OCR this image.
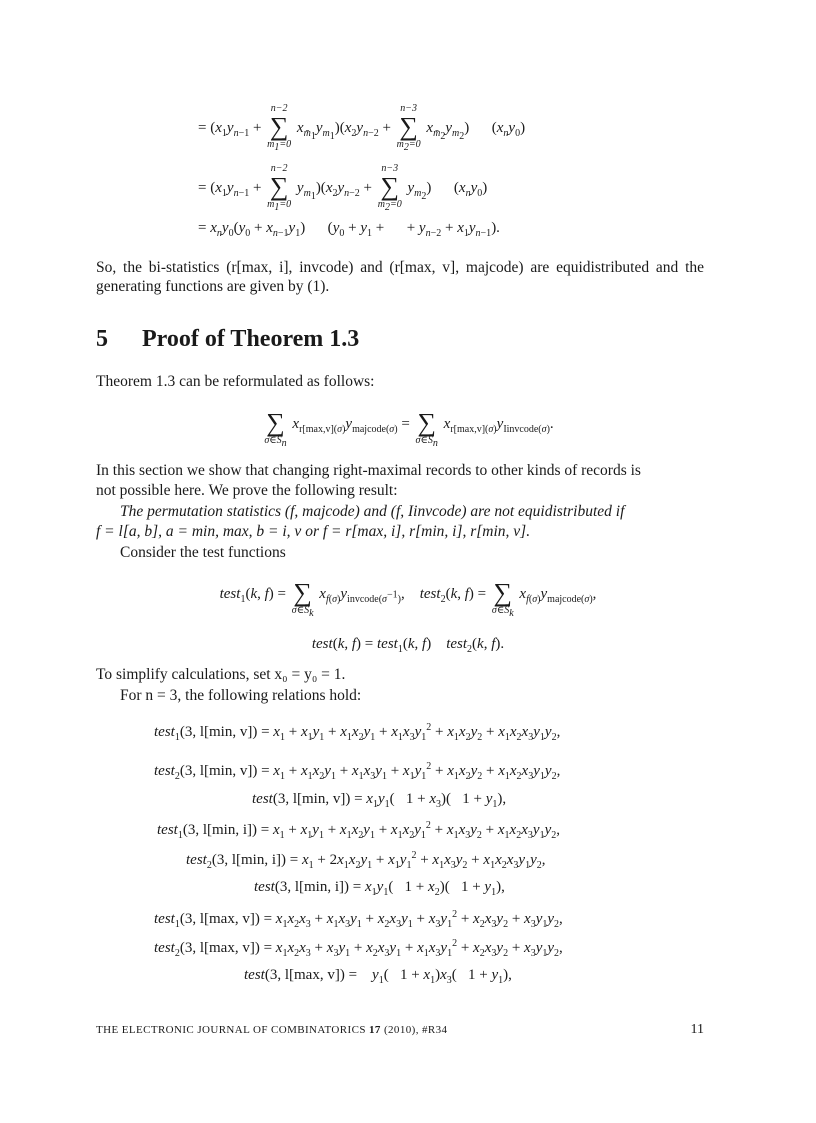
= ($x_1y_{n-1}$ +
n−2
∑
$m_1=0$
$x_{m̄_1}y_{m_1})(x_2y_{n-2}$ +
n−3
∑
$m_2=0$
$x_{m̄_2}y_{m_2}$)      $(x_ny_0)$
= ($x_1y_{n-1}$ +
n−2
∑
$m_1=0$
$y_{m_1})(x_2y_{n-2}$ +
n−3
∑
$m_2=0$
$y_{m_2}$)      $(x_ny_0)$
= $x_ny_0(y_0 + x_{n-1}y_1)$      ($y_0 + y_1$ +      + $y_{n-2} + x_1y_{n-1}$).
So, the bi-statistics (r[max, i], invcode) and (r[max, v], majcode) are equidistributed and the generating functions are given by (1).
5 Proof of Theorem 1.3
Theorem 1.3 can be reformulated as follows:

∑
$\sigma\in S_n$
$x_{r[max,v](\sigma)}y_{majcode(\sigma)}$ =
∑
$\sigma\in S_n$
$x_{r[max,v](\sigma)}y_{Iinvcode(\sigma)}$.
In this section we show that changing right-maximal records to other kinds of records is
not possible here. We prove the following result:
The permutation statistics (f, majcode) and (f, Iinvcode) are not equidistributed if
f = l[a, b], a = min, max, b = i, v or f = r[max, i], r[min, i], r[min, v].
Consider the test functions
test$_1$(k, f) =
∑
$\sigma\in S_k$
$x_{f(\sigma)}y_{invcode(\sigma^{-1})}$,    test$_2$(k, f) =
∑
$\sigma\in S_k$
$x_{f(\sigma)}y_{majcode(\sigma)}$,
test(k, f) = test$_1$(k, f)    test$_2$(k, f).
To simplify calculations, set x₀ = y₀ = 1.
For n = 3, the following relations hold:
test$_1$(3, l[min, $v]) = x_1 + x_1y_1 + x_1x_2y_1 + x_1x_3y_1^2 + x_1x_2y_2 + x_1x_2x_3y_1y_2$,
test$_2$(3, l[min, $v]) = x_1 + x_1x_2y_1 + x_1x_3y_1 + x_1y_1^2 + x_1x_2y_2 + x_1x_2x_3y_1y_2$,
test(3, l[min, $v]) = x_1y_1$(   $1 + x_3$)(   $1 + y_1$),
test$_1$(3, l[min, $i]) = x_1 + x_1y_1 + x_1x_2y_1 + x_1x_2y_1^2 + x_1x_3y_2 + x_1x_2x_3y_1y_2$,
test$_2$(3, l[min, $i]) = x_1 + 2x_1x_2y_1 + x_1y_1^2 + x_1x_3y_2 + x_1x_2x_3y_1y_2$,
test(3, l[min, $i]) = x_1y_1$(   $1 + x_2$)(   $1 + y_1$),
test$_1$(3, l[max, $v]) = x_1x_2x_3 + x_1x_3y_1 + x_2x_3y_1 + x_3y_1^2 + x_2x_3y_2 + x_3y_1y_2$,
test$_2$(3, l[max, $v]) = x_1x_2x_3 + x_3y_1 + x_2x_3y_1 + x_1x_3y_1^2 + x_2x_3y_2 + x_3y_1y_2$,
test(3, l[max, v]) =    $y_1$(   $1 + x_1)x_3$(   $1 + y_1$),
THE ELECTRONIC JOURNAL OF COMBINATORICS 17 (2010), #R34	11
